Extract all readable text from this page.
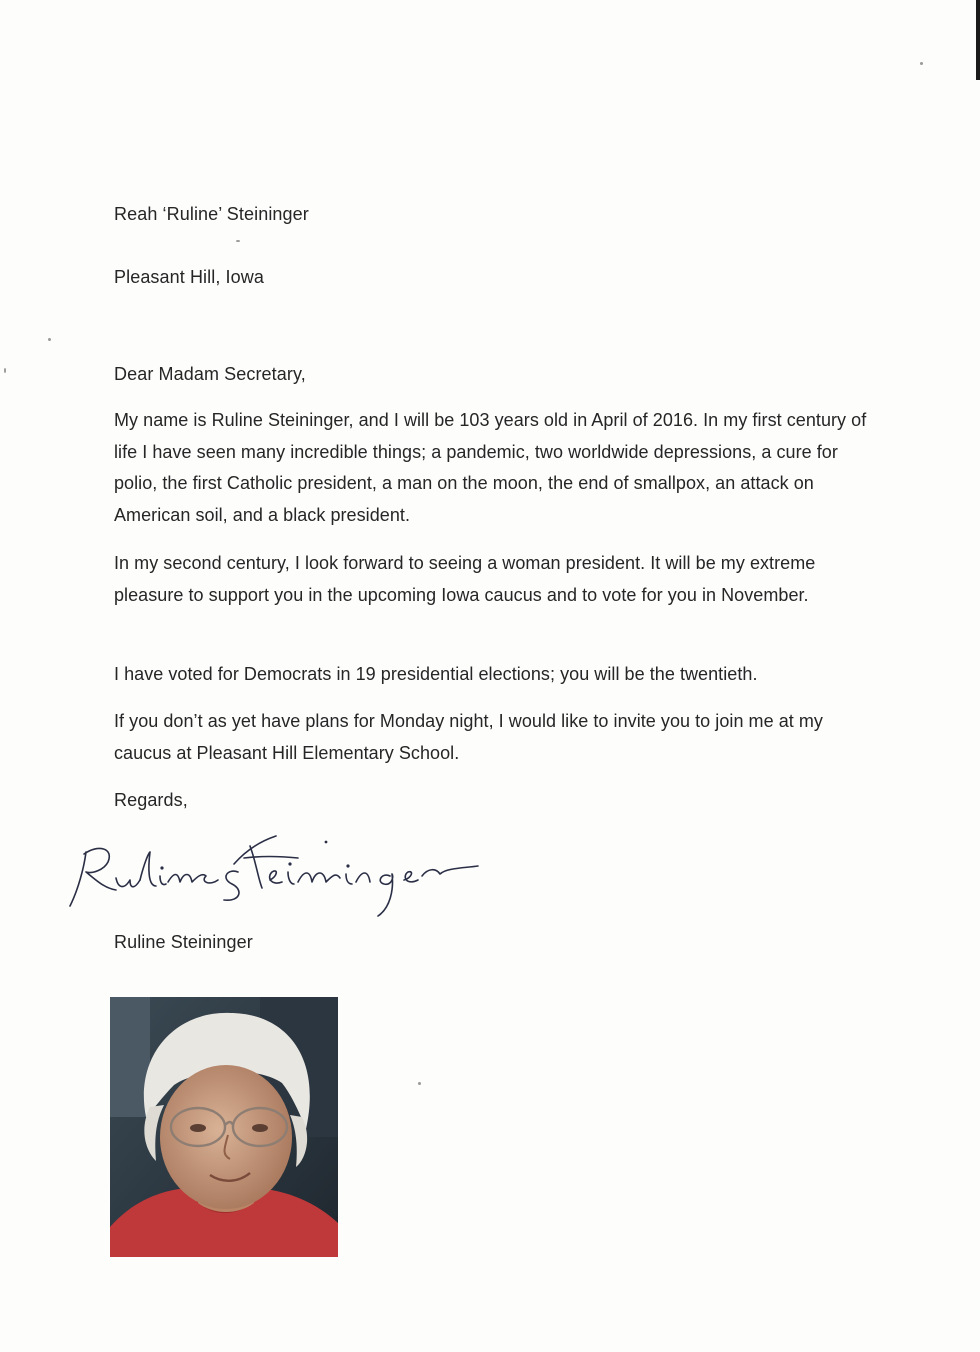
Reah ‘Ruline’ Steininger
Pleasant Hill, Iowa
Dear Madam Secretary,
My name is Ruline Steininger, and I will be 103 years old in April of 2016. In my first century of life I have seen many incredible things; a pandemic, two worldwide depressions, a cure for polio, the first Catholic president, a man on the moon, the end of smallpox, an attack on American soil, and a black president.
In my second century, I look forward to seeing a woman president. It will be my extreme pleasure to support you in the upcoming Iowa caucus and to vote for you in November.
I have voted for Democrats in 19 presidential elections; you will be the twentieth.
If you don’t as yet have plans for Monday night, I would like to invite you to join me at my caucus at Pleasant Hill Elementary School.
Regards,
Ruline Steininger
